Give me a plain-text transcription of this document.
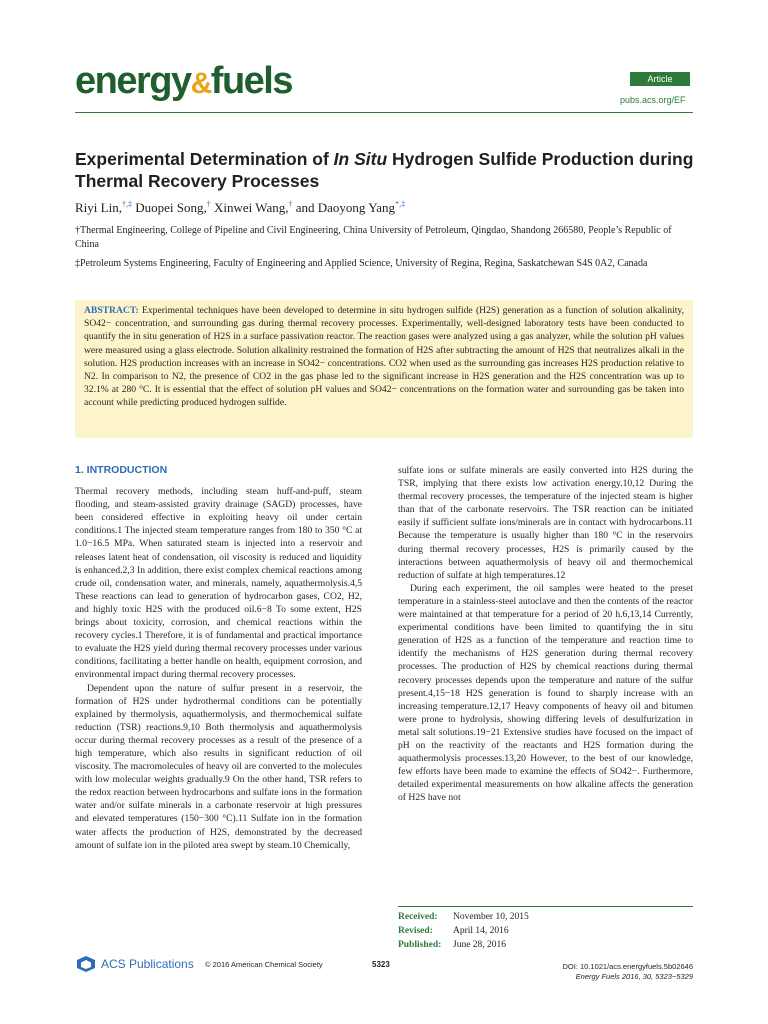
energy&fuels	Article
pubs.acs.org/EF
Experimental Determination of In Situ Hydrogen Sulfide Production during Thermal Recovery Processes
Riyi Lin,†,‡ Duopei Song,† Xinwei Wang,† and Daoyong Yang*,‡

†Thermal Engineering, College of Pipeline and Civil Engineering, China University of Petroleum, Qingdao, Shandong 266580, People’s Republic of China

‡Petroleum Systems Engineering, Faculty of Engineering and Applied Science, University of Regina, Regina, Saskatchewan S4S 0A2, Canada

ABSTRACT: Experimental techniques have been developed to determine in situ hydrogen sulfide (H2S) generation as a function of solution alkalinity, SO42− concentration, and surrounding gas during thermal recovery processes. Experimentally, well-designed laboratory tests have been conducted to quantify the in situ generation of H2S in a surface passivation reactor. The reaction gases were analyzed using a gas analyzer, while the solution pH values were measured using a glass electrode. Solution alkalinity restrained the formation of H2S after subtracting the amount of H2S that neutralizes alkali in the solution. H2S production increases with an increase in SO42− concentrations. CO2 when used as the surrounding gas increases H2S production relative to N2. In comparison to N2, the presence of CO2 in the gas phase led to the significant increase in H2S generation and the H2S concentration was up to 32.1% at 280 °C. It is essential that the effect of solution pH values and SO42− concentrations on the formation water and surrounding gas be taken into account while predicting produced hydrogen sulfide.
1. INTRODUCTION

Thermal recovery methods, including steam huff-and-puff, steam flooding, and steam-assisted gravity drainage (SAGD) processes, have been considered effective in exploiting heavy oil under certain conditions.1 The injected steam temperature ranges from 180 to 350 °C at 1.0−16.5 MPa. When saturated steam is injected into a reservoir and releases latent heat of condensation, oil viscosity is reduced and liquidity is enhanced.2,3 In addition, there exist complex chemical reactions among crude oil, condensation water, and minerals, namely, aquathermolysis.4,5 These reactions can lead to generation of hydrocarbon gases, CO2, H2, and highly toxic H2S with the produced oil.6−8 To some extent, H2S brings about toxicity, corrosion, and chemical reactions within the recovery cycles.1 Therefore, it is of fundamental and practical importance to evaluate the H2S yield during thermal recovery processes under various conditions, facilitating a better handle on health, equipment corrosion, and environmental impact during thermal recovery processes.

Dependent upon the nature of sulfur present in a reservoir, the formation of H2S under hydrothermal conditions can be potentially explained by thermolysis, aquathermolysis, and thermochemical sulfate reduction (TSR) reactions.9,10 Both thermolysis and aquathermolysis occur during thermal recovery processes as a result of the presence of a high temperature, which also results in significant reduction of oil viscosity. The macromolecules of heavy oil are converted to the molecules with low molecular weights gradually.9 On the other hand, TSR refers to the redox reaction between hydrocarbons and sulfate ions in the formation water and/or sulfate minerals in a carbonate reservoir at high pressures and elevated temperatures (150−300 °C).11 Sulfate ion in the formation water affects the production of H2S, demonstrated by the decreased amount of sulfate ion in the piloted area swept by steam.10 Chemically,

sulfate ions or sulfate minerals are easily converted into H2S during the TSR, implying that there exists low activation energy.10,12 During the thermal recovery processes, the temperature of the injected steam is higher than that of the carbonate reservoirs. The TSR reaction can be initiated easily if sufficient sulfate ions/minerals are in contact with hydrocarbons.11 Because the temperature is usually higher than 180 °C in the reservoirs during thermal recovery processes, H2S is primarily caused by the interactions between aquathermolysis of heavy oil and thermochemical reduction of sulfate at high temperatures.12

During each experiment, the oil samples were heated to the preset temperature in a stainless-steel autoclave and then the contents of the reactor were maintained at that temperature for a period of 20 h.6,13,14 Currently, experimental conditions have been limited to quantifying the in situ generation of H2S as a function of the temperature and reaction time to identify the mechanisms of H2S generation during thermal recovery processes. The production of H2S by chemical reactions during thermal recovery processes depends upon the temperature and nature of the sulfur present.4,15−18 H2S generation is found to sharply increase with an increasing temperature.12,17 Heavy components of heavy oil and bitumen were prone to hydrolysis, showing differing levels of desulfurization in metal salt solutions.19−21 Extensive studies have focused on the impact of pH on the reactivity of the reactants and H2S formation during the aquathermolysis processes.13,20 However, to the best of our knowledge, few efforts have been made to examine the effects of SO42−. Furthermore, detailed experimental measurements on how alkaline affects the generation of H2S have not

Received: November 10, 2015
Revised: April 14, 2016
Published: June 28, 2016
ACS Publications © 2016 American Chemical Society	5323	DOI: 10.1021/acs.energyfuels.5b02646
Energy Fuels 2016, 30, 5323−5329
